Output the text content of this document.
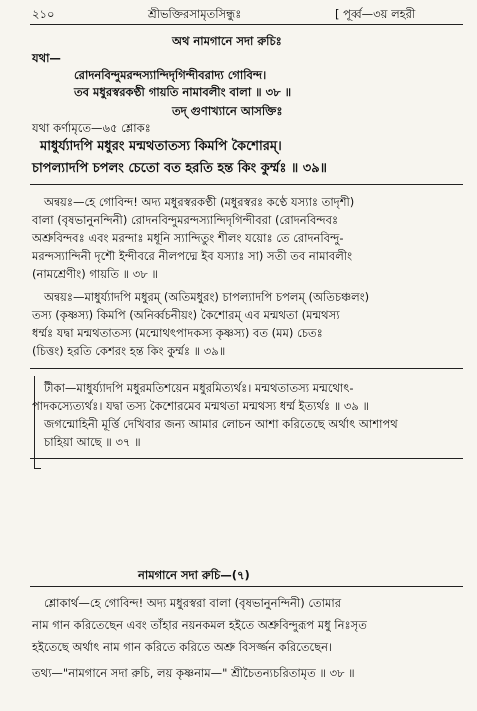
২১০	শ্রীভক্তিরসামৃতসিন্ধুঃ	[ পূর্ব্ব—৩য় লহরী
অথ নামগানে সদা রুচিঃ
যথা—
রোদনবিন্দুমরন্দস্যান্দিদৃগিন্দীবরাদ্য গোবিন্দ।
তব মধুরস্বরকণ্ঠী গায়তি নামাবলীং বালা ॥ ৩৮ ॥
তদ্ গুণাখ্যানে আসক্তিঃ
যথা কর্ণামৃতে—৬৫ শ্লোকঃ
মাধুর্য্যাদপি মধুরং মন্মথতাতস্য কিমপি কৈশোরম্।
চাপল্যাদপি চপলং চেতো বত হরতি হন্ত কিং কুর্ম্মঃ ॥ ৩৯॥
অন্বয়ঃ—হে গোবিন্দ! অদ্য মধুরস্বরকণ্ঠী (মধুরস্বরঃ কণ্ঠে যস্যাঃ তাদৃশী)
বালা (বৃষভানুনন্দিনী) রোদনবিন্দুমরন্দস্যান্দিদৃগিন্দীবরা (রোদনবিন্দবঃ
অশ্রুবিন্দবঃ এবং মরন্দাঃ মধূনি স্যান্দিতুং শীলং যয়োঃ তে রোদনবিন্দু-
মরন্দস্যান্দিনী দৃশৌ ইন্দীবরে নীলপদ্মে ইব যস্যাঃ সা) সতী তব নামাবলীং
(নামশ্রেণীং) গায়তি ॥ ৩৮ ॥
অন্বয়ঃ—মাধুর্য্যাদপি মধুরম্ (অতিমধুরং) চাপল্যাদপি চপলম্ (অতিচঞ্চলং)
তস্য (কৃষ্ণস্য) কিমপি (অনির্ব্বচনীয়ং) কৈশোরম্ এব মন্মথতা (মন্মথস্য
ধর্ম্মঃ যদ্বা মন্মথতাতস্য (মন্মোথৎপাদকস্য কৃষ্ণস্য) বত (মম) চেতঃ
(চিত্তং) হরতি কেশরং হন্ত কিং কুর্ম্মঃ ॥ ৩৯॥
টীকা—মাধুর্য্যাদপি মধুরমতিশয়েন মধুরমিত্যর্থঃ। মন্মথতাতস্য মন্মথোৎ-
পাদকস্যেত্যর্থঃ। যদ্বা তস্য কৈশোরমেব মন্মথতা মন্মথস্য ধর্ম্ম ইত্যর্থঃ ॥ ৩৯ ॥
জগন্মোহিনী মূর্ত্তি দেখিবার জন্য আমার লোচন আশা করিতেছে অর্থাৎ আশাপথ
চাহিয়া আছে ॥ ৩৭ ॥
নামগানে সদা রুচি—(৭)
শ্লোকার্থ—হে গোবিন্দ! অদ্য মধুরস্বরা বালা (বৃষভানুনন্দিনী) তোমার
নাম গান করিতেছেন এবং তাঁহার নয়নকমল হইতে অশ্রুবিন্দুরূপ মধু নিঃসৃত
হইতেছে অর্থাৎ নাম গান করিতে করিতে অশ্রু বিসর্জ্জন করিতেছেন।
তথ্য—"নামগানে সদা রুচি, লয় কৃষ্ণনাম—" শ্রীচৈতন্যচরিতামৃত ॥ ৩৮ ॥
